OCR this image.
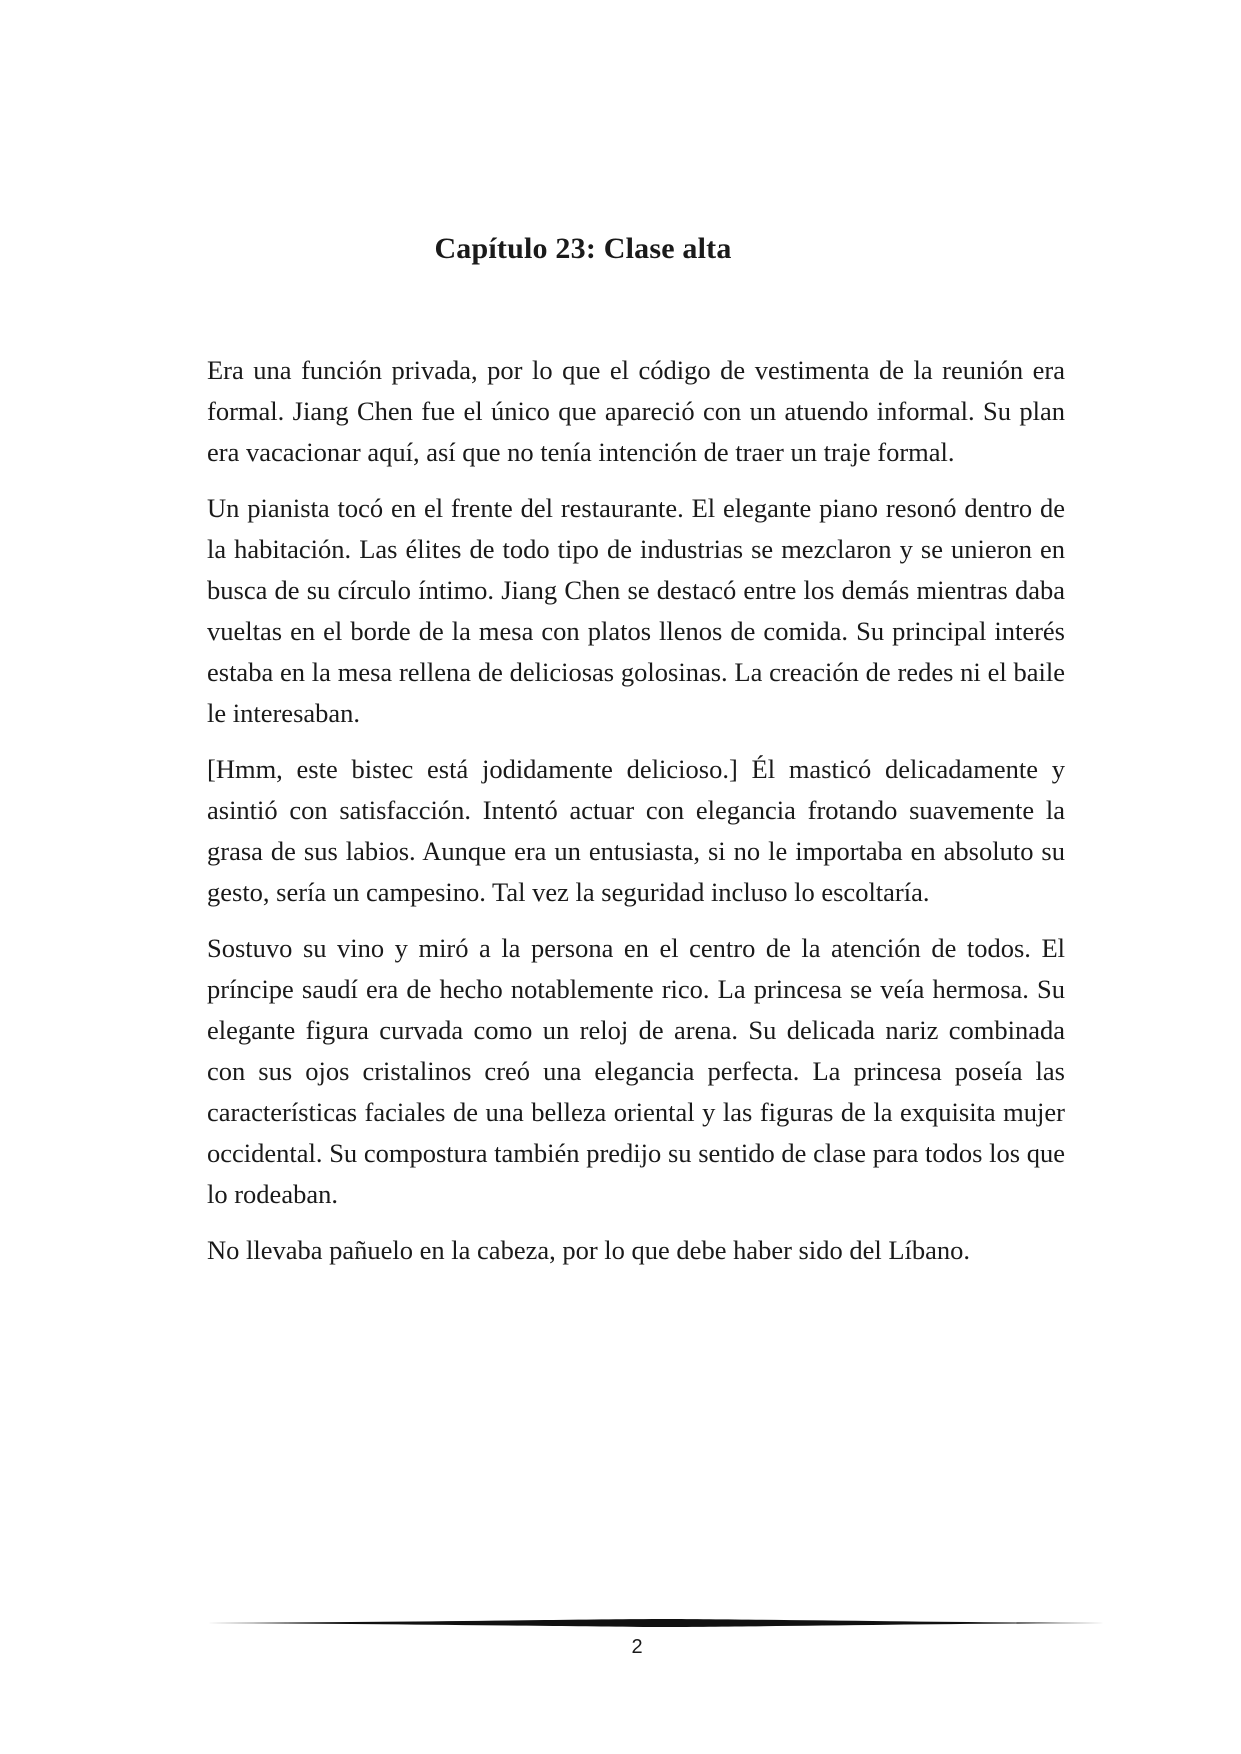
Capítulo 23: Clase alta

Era una función privada, por lo que el código de vestimenta de la reunión era formal. Jiang Chen fue el único que apareció con un atuendo informal. Su plan era vacacionar aquí, así que no tenía intención de traer un traje formal.

Un pianista tocó en el frente del restaurante. El elegante piano resonó dentro de la habitación. Las élites de todo tipo de industrias se mezclaron y se unieron en busca de su círculo íntimo. Jiang Chen se destacó entre los demás mientras daba vueltas en el borde de la mesa con platos llenos de comida. Su principal interés estaba en la mesa rellena de deliciosas golosinas. La creación de redes ni el baile le interesaban.

[Hmm, este bistec está jodidamente delicioso.] Él masticó delicadamente y asintió con satisfacción. Intentó actuar con elegancia frotando suavemente la grasa de sus labios. Aunque era un entusiasta, si no le importaba en absoluto su gesto, sería un campesino. Tal vez la seguridad incluso lo escoltaría.

Sostuvo su vino y miró a la persona en el centro de la atención de todos. El príncipe saudí era de hecho notablemente rico. La princesa se veía hermosa. Su elegante figura curvada como un reloj de arena. Su delicada nariz combinada con sus ojos cristalinos creó una elegancia perfecta. La princesa poseía las características faciales de una belleza oriental y las figuras de la exquisita mujer occidental. Su compostura también predijo su sentido de clase para todos los que lo rodeaban.

No llevaba pañuelo en la cabeza, por lo que debe haber sido del Líbano.

2
